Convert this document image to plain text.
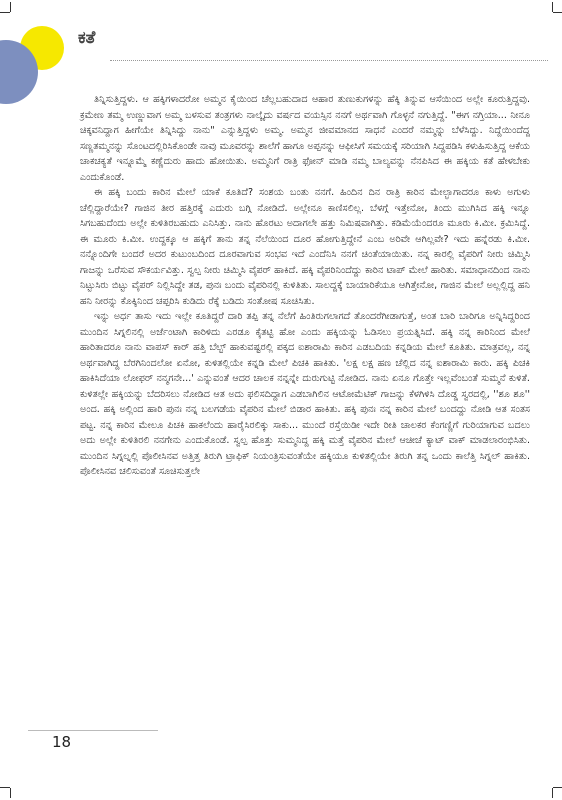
ಕತೆ

ತಿನ್ನಿಸುತ್ತಿದ್ದಳು. ಆ ಹಕ್ಕಿಗಳಾದರೋ ಅಮ್ಮನ ಕೈಯಿಂದ ಚೆಲ್ಲಬಹುದಾದ ಆಹಾರ ತುಣುಕುಗಳನ್ನು ಹೆಕ್ಕಿ ತಿನ್ನುವ ಆಸೆಯಿಂದ ಅಲ್ಲೇ ಕೂರುತ್ತಿದ್ದವು. ಕ್ರಮೇಣ ತಮ್ಮ ಉಣ್ಣುವಾಗ ಅಮ್ಮ ಬಳಸುವ ತಂತ್ರಗಳು ನಾಲ್ಕೈದು ವರ್ಷದ ವಯಸ್ಸಿನ ನನಗೆ ಅರ್ಥವಾಗಿ ಗೊಳ್ಳನೆ ನಗುತ್ತಿದ್ದೆ. "ಈಗ ನಗ್ತಿಯಾ... ನೀನೂ ಚಿಕ್ಕವನಿದ್ದಾಗ ಹೀಗೆಯೇ ತಿನ್ನಿಸಿದ್ದು ನಾನು" ಎನ್ನುತ್ತಿದ್ದಳು ಅಮ್ಮ. ಅಮ್ಮನ ಜೀವಮಾನದ ಸಾಧನೆ ಎಂದರೆ ನಮ್ಮನ್ನು ಬೆಳೆಸಿದ್ದು. ನಿದ್ದೆಯಿಂದೆದ್ದ ಸಣ್ಣತಮ್ಮನನ್ನು ಸೊಂಟದಲ್ಲಿರಿಸಿಕೊಂಡೇ ನಾವು ಮೂವರನ್ನು ಶಾಲೆಗೆ ಹಾಗೂ ಅಪ್ಪನನ್ನು ಆಫೀಸಿಗೆ ಸಮಯಕ್ಕೆ ಸರಿಯಾಗಿ ಸಿದ್ದಪಡಿಸಿ ಕಳುಹಿಸುತ್ತಿದ್ದ ಆಕೆಯ ಚಾಕಚಕ್ಯತೆ ಇನ್ನೂಮ್ಮೆ ಕಣ್ಣೆದುರು ಹಾದು ಹೋಯಿತು. ಅಮ್ಮನಿಗೆ ರಾತ್ರಿ ಫೋನ್ ಮಾಡಿ ನಮ್ಮ ಬಾಲ್ಯವನ್ನು ನೆನಪಿಸಿದ ಈ ಹಕ್ಕಿಯ ಕತೆ ಹೇಳಬೇಕು ಎಂದುಕೊಂಡೆ.

ಈ ಹಕ್ಕಿ ಬಂದು ಕಾರಿನ ಮೇಲೆ ಯಾಕೆ ಕೂತಿದೆ? ಸಂಶಯ ಬಂತು ನನಗೆ. ಹಿಂದಿನ ದಿನ ರಾತ್ರಿ ಕಾರಿನ ಮೇಲ್ಭಾಗಾದರೂ ಕಾಳು ಅಗುಳು ಚೆಲ್ಲಿದ್ದಾರೆಯೇ? ಗಾಜಿನ ತೀರ ಹತ್ತಿರಕ್ಕೆ ಎದುರು ಬಗ್ಗಿ ನೋಡಿದೆ. ಅಲ್ಲೇನೂ ಕಾಣಿಸಲಿಲ್ಲ. ಬೆಳಗ್ಗೆ ಇತ್ತೇನೋ, ತಿಂದು ಮುಗಿಸಿದ ಹಕ್ಕಿ ಇನ್ನೂ ಸಿಗಬಹುದೆಂದು ಅಲ್ಲೇ ಕುಳಿತಿರಬಹುದು ಎನಿಸಿತ್ತು. ನಾನು ಹೊರಟು ಅದಾಗಲೇ ಹತ್ತು ನಿಮಿಷವಾಗಿತ್ತು. ಕಡಿಮೆಯೆಂದರೂ ಮೂರು ಕಿ.ಮೀ. ಕ್ರಮಿಸಿದ್ದೆ. ಈ ಮೂರು ಕಿ.ಮೀ. ಉದ್ದಕ್ಕೂ ಆ ಹಕ್ಕಿಗೆ ತಾನು ತನ್ನ ನೆಲೆಯಿಂದ ದೂರ ಹೋಗುತ್ತಿದ್ದೇನೆ ಎಂಬ ಅರಿವೇ ಆಗಿಲ್ಲವೇ? ಇದು ಹನ್ನೆರಡು ಕಿ.ಮೀ. ನನ್ನೊಂದಿಗೇ ಬಂದರೆ ಅದರ ಕುಟುಂಬದಿಂದ ದೂರವಾಗುವ ಸಂಭವ ಇದೆ ಎಂದೆನಿಸಿ ನನಗೆ ಚಿಂತೆಯಾಯಿತು. ನನ್ನ ಕಾರಲ್ಲಿ ವೈಪರಿಗೆ ನೀರು ಚಿಮ್ಮಿಸಿ ಗಾಜನ್ನು ಒರೆಸುವ ಸೌಕರ್ಯವಿತ್ತು. ಸ್ವಲ್ಪ ನೀರು ಚಿಮ್ಮಿಸಿ ವೈಪರ್ ಹಾಕಿದೆ. ಹಕ್ಕಿ ವೈಪರಿನಿಂದೆದ್ದು ಕಾರಿನ ಟಾಪ್ ಮೇಲೆ ಹಾರಿತು. ಸಮಾಧಾನದಿಂದ ನಾನು ನಿಟ್ಟುಸಿರು ಬಿಟ್ಟು ವೈಪರ್ ನಿಲ್ಲಿಸಿದ್ದೇ ತಡ, ಪುನಃ ಬಂದು ವೈಪರಿನಲ್ಲಿ ಕುಳಿತಿತು. ಸಾಲದ್ದಕ್ಕೆ ಬಾಯಾರಿಕೆಯೂ ಆಗಿತ್ತೇನೋ, ಗಾಜಿನ ಮೇಲೆ ಅಲ್ಲಲ್ಲಿದ್ದ ಹನಿ ಹನಿ ನೀರನ್ನು ಕೊಕ್ಕಿನಿಂದ ಚಪ್ಪರಿಸಿ ಕುಡಿದು ರೆಕ್ಕೆ ಬಡಿದು ಸಂತೋಷ ಸೂಚಿಸಿತು.

ಇನ್ನು ಅರ್ಧ ತಾಸು ಇದು ಇಲ್ಲೇ ಕೂತಿದ್ದರೆ ದಾರಿ ತಪ್ಪಿ ತನ್ನ ನೆಲೆಗೆ ಹಿಂತಿರುಗಲಾಗದೆ ತೊಂದರೆಗೀಡಾಗುತ್ತೆ, ಅಂತ ಬಾರಿ ಬಾರಿಗೂ ಅನ್ನಿಸಿದ್ದರಿಂದ ಮುಂದಿನ ಸಿಗ್ನಲಿನಲ್ಲಿ ಅರ್ಜೆಂಟಾಗಿ ಕಾರಿಳಿದು ಎರಡೂ ಕೈತಟ್ಟಿ ಹೋ ಎಂದು ಹಕ್ಕಿಯನ್ನು ಓಡಿಸಲು ಪ್ರಯತ್ನಿಸಿದೆ. ಹಕ್ಕಿ ನನ್ನ ಕಾರಿನಿಂದ ಮೇಲೆ ಹಾರಿತಾದರೂ ನಾನು ವಾಪಸ್ ಕಾರ್ ಹತ್ತಿ ಬೆಲ್ಟ್ ಹಾಕುವಷ್ಟರಲ್ಲಿ ಪಕ್ಕದ ಐಶಾರಾಮಿ ಕಾರಿನ ಎಡಬದಿಯ ಕನ್ನಡಿಯ ಮೇಲೆ ಕೂತಿತು. ಮಾತ್ರವಲ್ಲ, ನನ್ನ ಅರ್ಥವಾಗಿದ್ದ ಬೆರಗಿನಿಂದಲೋ ಏನೋ, ಕುಳಿತಲ್ಲಿಯೇ ಕನ್ನಡಿ ಮೇಲೆ ಪಿಚಕಿ ಹಾಕಿತು. 'ಲಕ್ಷ ಲಕ್ಷ ಹಣ ಚೆಲ್ಲಿದ ನನ್ನ ಐಶಾರಾಮಿ ಕಾರು. ಹಕ್ಕಿ ಪಿಚಕಿ ಹಾಕಿಸಿದೆಯಾ ಲೋಫರ್ ನನ್ಮಗನೇ...' ಎನ್ನುವಂತೆ ಆದರ ಚಾಲಕ ನನ್ನನ್ನೇ ದುರುಗುಟ್ಟಿ ನೋಡಿದ. ನಾನು ಏನೂ ಗೊತ್ತೇ ಇಲ್ಲವೆಂಬಂತೆ ಸುಮ್ಮನೆ ಕುಳಿತೆ. ಕುಳಿತಲ್ಲೇ ಹಕ್ಕಿಯನ್ನು ಬೆದರಿಸಲು ನೋಡಿದ ಆತ ಅದು ಫಲಿಸದಿದ್ದಾಗ ಎಡಬಾಗಿಲಿನ ಆಟೋಮೆಟಿಕ್ ಗಾಜನ್ನು ಕೆಳಗಿಳಿಸಿ ದೊಡ್ಡ ಸ್ವರದಲ್ಲಿ, ''ಶೂ ಶೂ'' ಅಂದ. ಹಕ್ಕಿ ಅಲ್ಲಿಂದ ಹಾರಿ ಪುನಃ ನನ್ನ ಬಲಗಡೆಯ ವೈಪರಿನ ಮೇಲೆ ಬಿಡಾರ ಹಾಕಿತು. ಹಕ್ಕಿ ಪುನಃ ನನ್ನ ಕಾರಿನ ಮೇಲೆ ಬಂದದ್ದು ನೋಡಿ ಆತ ಸಂತಸ ಪಟ್ಟ. ನನ್ನ ಕಾರಿನ ಮೇಲೂ ಪಿಚಕಿ ಹಾಕಲೆಂದು ಹಾರೈಸಿರಲಿಕ್ಕು ಸಾಕು... ಮುಂದೆ ರಸ್ತೆಯಿಡೀ ಇದೇ ರೀತಿ ಚಾಲಕರ ಕೆಂಗಣ್ಣಿಗೆ ಗುರಿಯಾಗುವ ಬದಲು ಅದು ಅಲ್ಲೇ ಕುಳಿತಿರಲಿ ನನಗೇನು ಎಂದುಕೊಂಡೆ. ಸ್ವಲ್ಪ ಹೊತ್ತು ಸುಮ್ಮನಿದ್ದ ಹಕ್ಕಿ ಮತ್ತೆ ವೈಪರಿನ ಮೇಲೆ ಆಚೀಚೆ ಕ್ಯಾಟ್ ವಾಕ್ ಮಾಡಲಾರಂಭಿಸಿತು. ಮುಂದಿನ ಸಿಗ್ನಲ್ನಲ್ಲಿ ಪೊಲೀಸಿನವ ಅತ್ತಿತ್ತ ತಿರುಗಿ ಟ್ರಾಫಿಕ್ ನಿಯಂತ್ರಿಸುವಂತೆಯೇ ಹಕ್ಕಿಯೂ ಕುಳಿತಲ್ಲಿಯೇ ತಿರುಗಿ ತನ್ನ ಒಂದು ಕಾಲೆತ್ತಿ ಸಿಗ್ನಲ್ ಹಾಕಿತು. ಪೊಲೀಸಿನವ ಚಲಿಸುವಂತೆ ಸೂಚಿಸುತ್ತಲೇ

18
